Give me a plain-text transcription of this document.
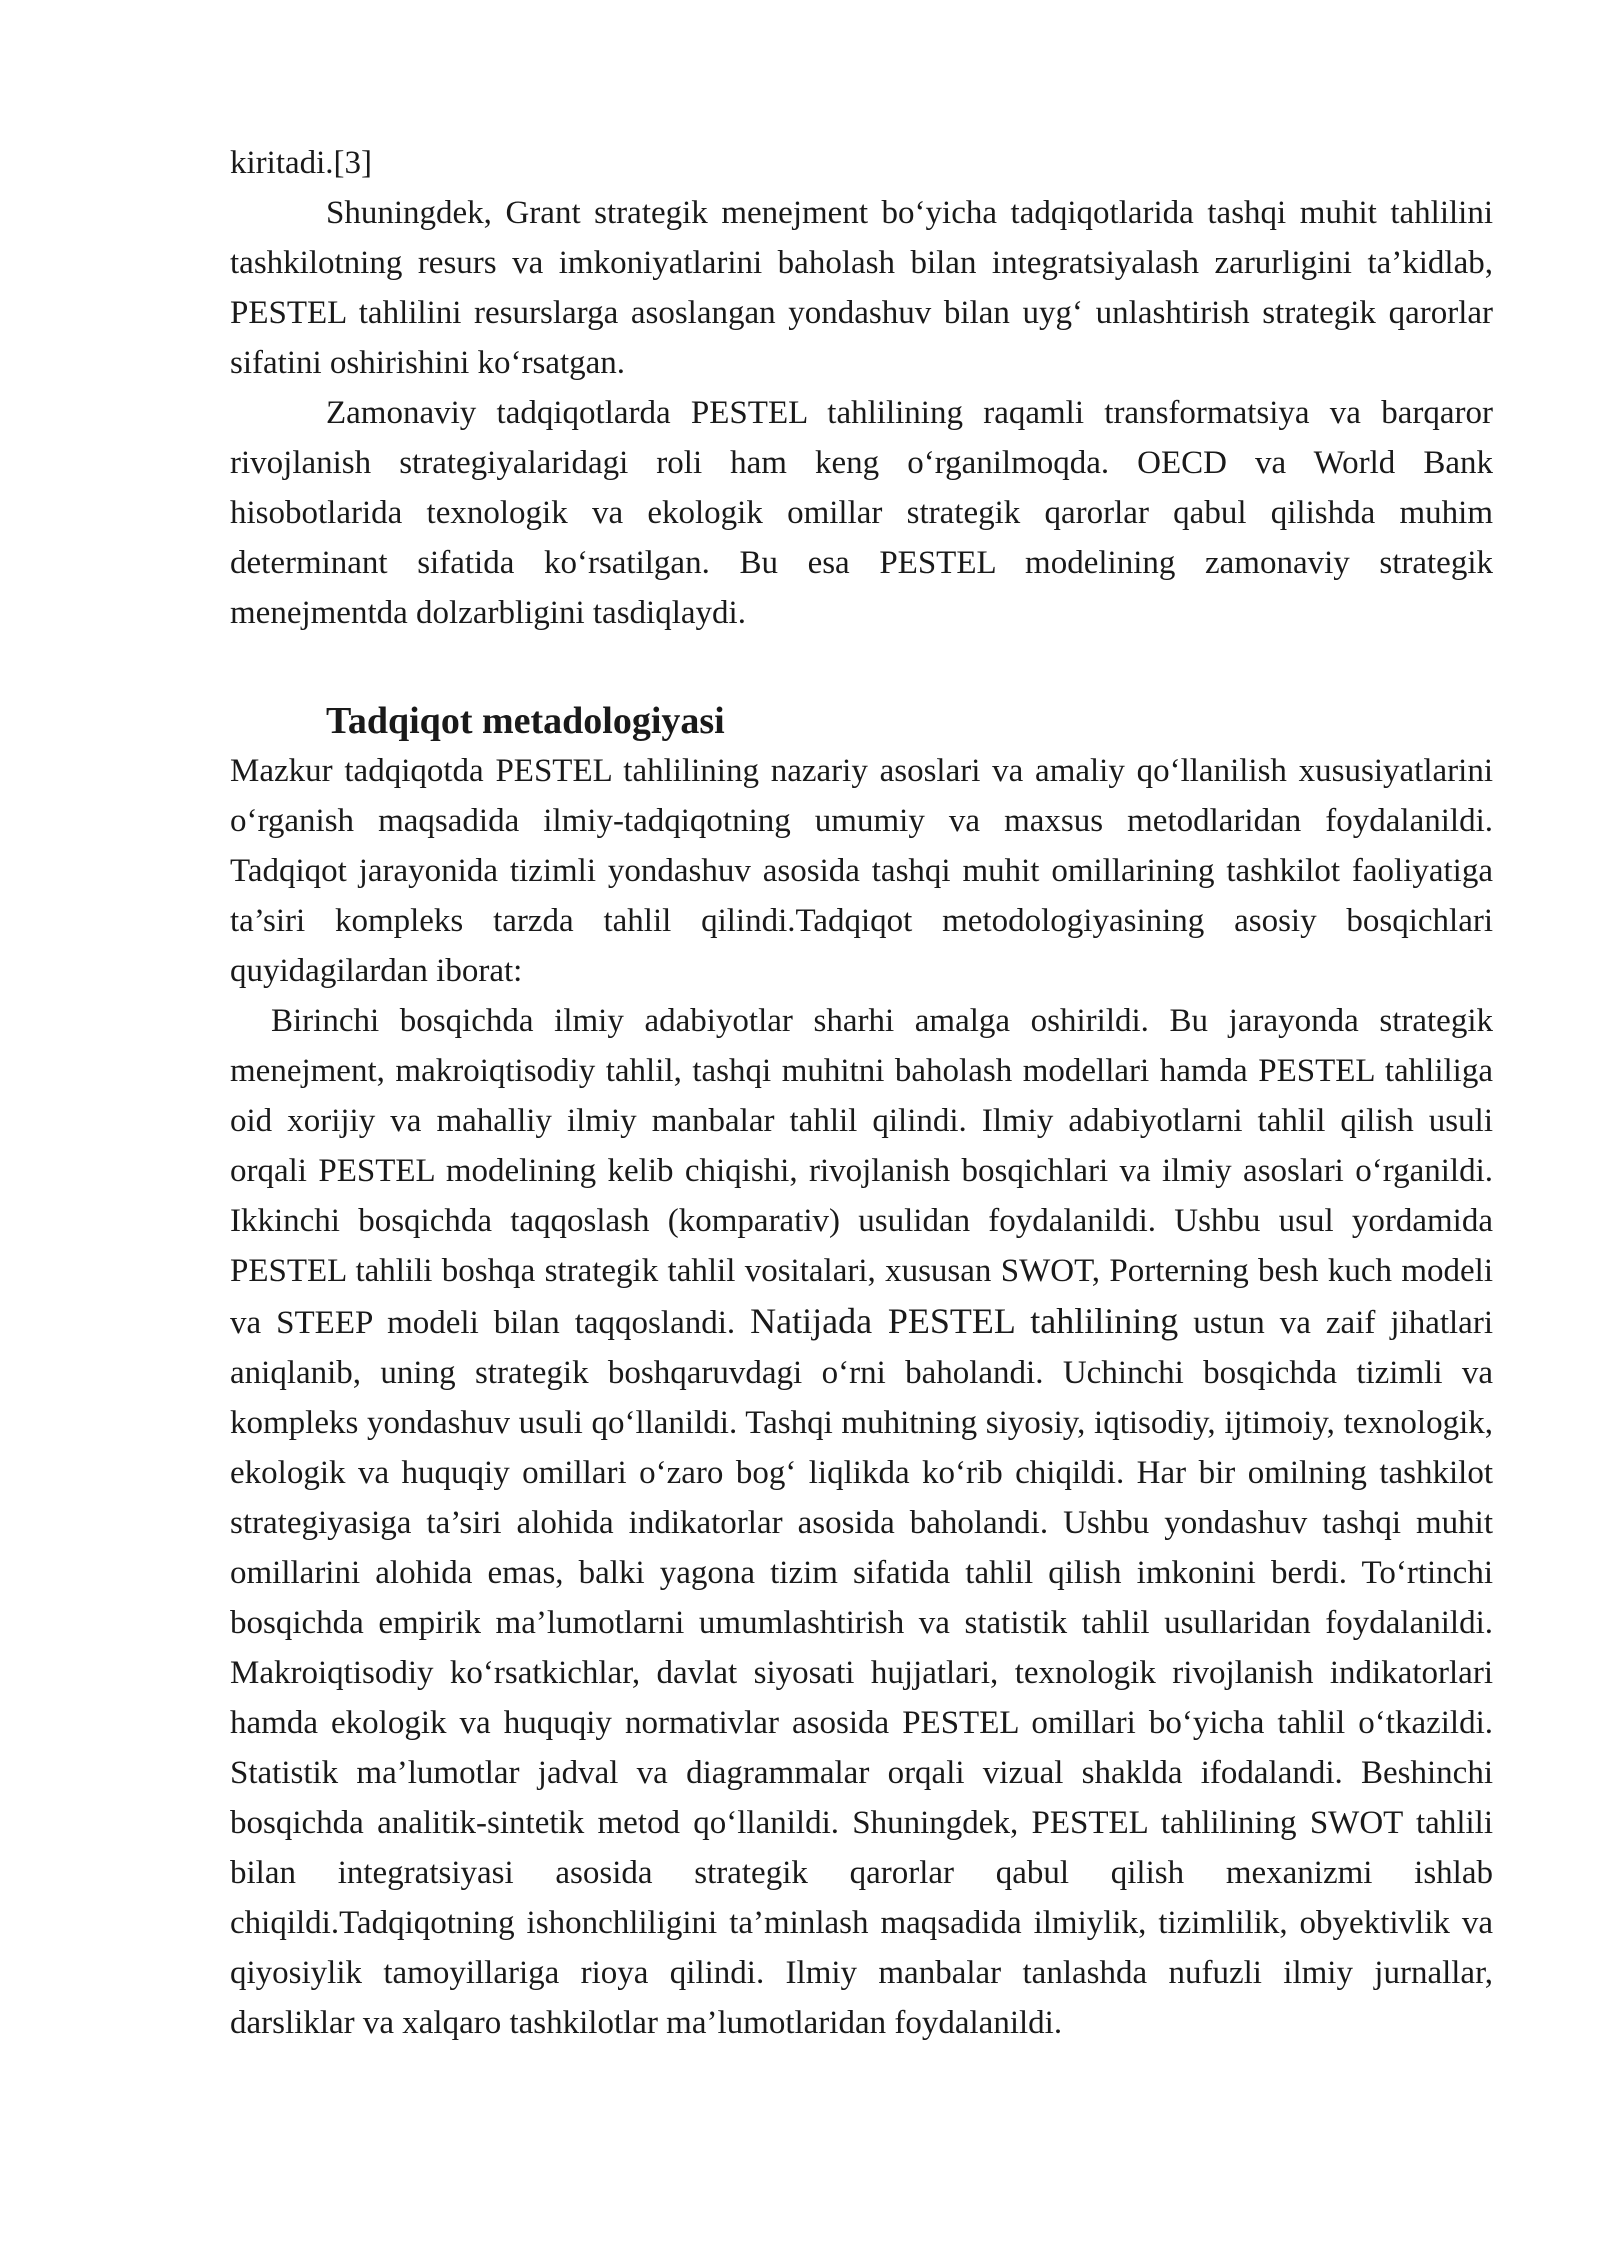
kiritadi.[3]

Shuningdek, Grant strategik menejment bo‘yicha tadqiqotlarida tashqi muhit tahlilini tashkilotning resurs va imkoniyatlarini baholash bilan integratsiyalash zarurligini ta’kidlab, PESTEL tahlilini resurslarga asoslangan yondashuv bilan uyg‘ unlashtirish strategik qarorlar sifatini oshirishini ko‘rsatgan.

Zamonaviy tadqiqotlarda PESTEL tahlilining raqamli transformatsiya va barqaror rivojlanish strategiyalaridagi roli ham keng o‘rganilmoqda. OECD va World Bank hisobotlarida texnologik va ekologik omillar strategik qarorlar qabul qilishda muhim determinant sifatida ko‘rsatilgan. Bu esa PESTEL modelining zamonaviy strategik menejmentda dolzarbligini tasdiqlaydi.

Tadqiqot metadologiyasi

Mazkur tadqiqotda PESTEL tahlilining nazariy asoslari va amaliy qo‘llanilish xususiyatlarini o‘rganish maqsadida ilmiy-tadqiqotning umumiy va maxsus metodlaridan foydalanildi. Tadqiqot jarayonida tizimli yondashuv asosida tashqi muhit omillarining tashkilot faoliyatiga ta’siri kompleks tarzda tahlil qilindi.Tadqiqot metodologiyasining asosiy bosqichlari quyidagilardan iborat:

Birinchi bosqichda ilmiy adabiyotlar sharhi amalga oshirildi. Bu jarayonda strategik menejment, makroiqtisodiy tahlil, tashqi muhitni baholash modellari hamda PESTEL tahliliga oid xorijiy va mahalliy ilmiy manbalar tahlil qilindi. Ilmiy adabiyotlarni tahlil qilish usuli orqali PESTEL modelining kelib chiqishi, rivojlanish bosqichlari va ilmiy asoslari o‘rganildi. Ikkinchi bosqichda taqqoslash (komparativ) usulidan foydalanildi. Ushbu usul yordamida PESTEL tahlili boshqa strategik tahlil vositalari, xususan SWOT, Porterning besh kuch modeli va STEEP modeli bilan taqqoslandi. Natijada PESTEL tahlilining ustun va zaif jihatlari aniqlanib, uning strategik boshqaruvdagi o‘rni baholandi. Uchinchi bosqichda tizimli va kompleks yondashuv usuli qo‘llanildi. Tashqi muhitning siyosiy, iqtisodiy, ijtimoiy, texnologik, ekologik va huquqiy omillari o‘zaro bog‘ liqlikda ko‘rib chiqildi. Har bir omilning tashkilot strategiyasiga ta’siri alohida indikatorlar asosida baholandi. Ushbu yondashuv tashqi muhit omillarini alohida emas, balki yagona tizim sifatida tahlil qilish imkonini berdi. To‘rtinchi bosqichda empirik ma’lumotlarni umumlashtirish va statistik tahlil usullaridan foydalanildi. Makroiqtisodiy ko‘rsatkichlar, davlat siyosati hujjatlari, texnologik rivojlanish indikatorlari hamda ekologik va huquqiy normativlar asosida PESTEL omillari bo‘yicha tahlil o‘tkazildi. Statistik ma’lumotlar jadval va diagrammalar orqali vizual shaklda ifodalandi. Beshinchi bosqichda analitik-sintetik metod qo‘llanildi. Shuningdek, PESTEL tahlilining SWOT tahlili bilan integratsiyasi asosida strategik qarorlar qabul qilish mexanizmi ishlab chiqildi.Tadqiqotning ishonchliligini ta’minlash maqsadida ilmiylik, tizimlilik, obyektivlik va qiyosiylik tamoyillariga rioya qilindi. Ilmiy manbalar tanlashda nufuzli ilmiy jurnallar, darsliklar va xalqaro tashkilotlar ma’lumotlaridan foydalanildi.
